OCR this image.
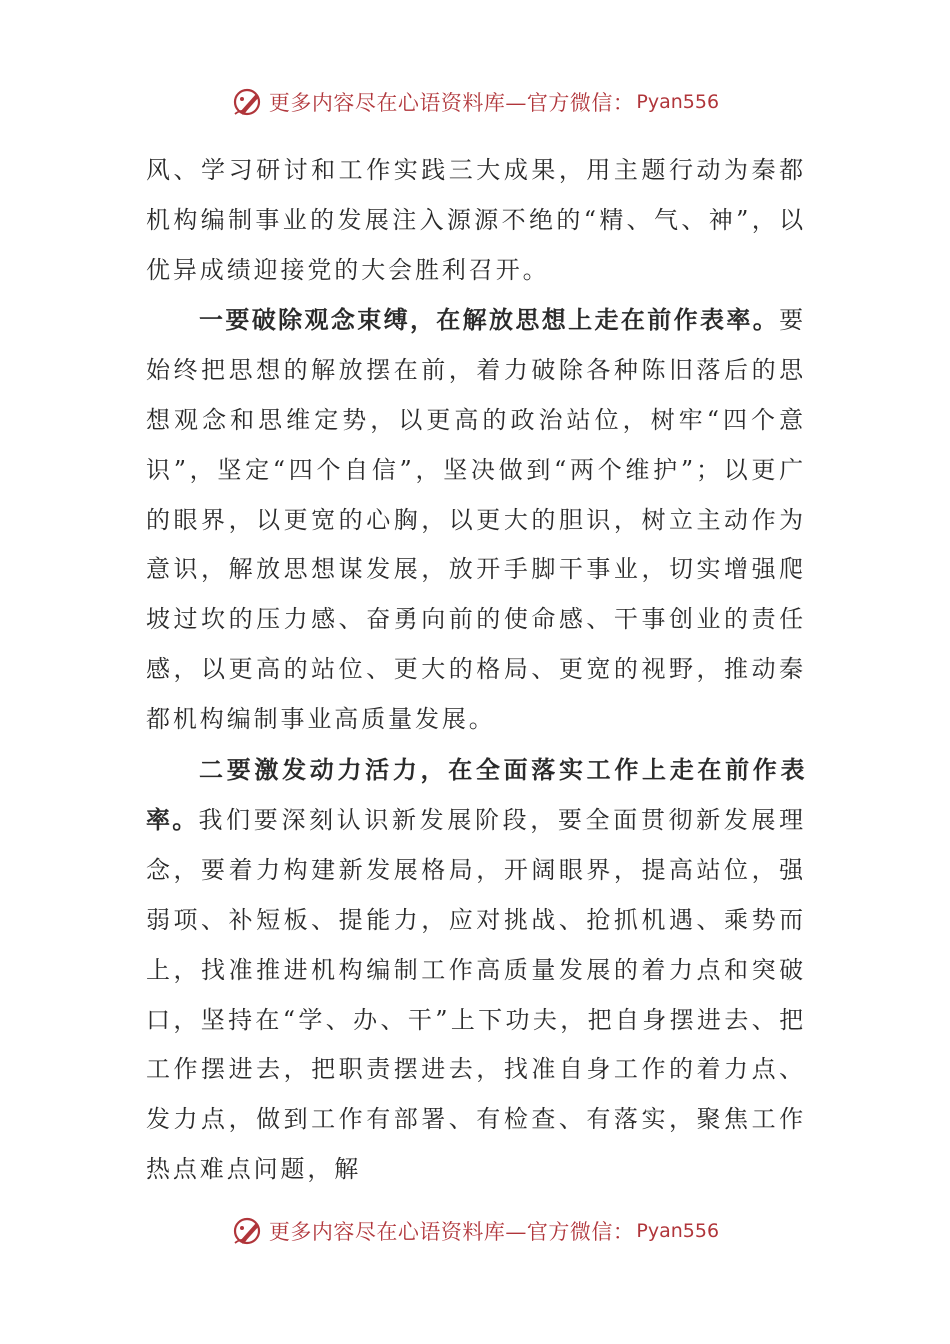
更多内容尽在心语资料库—官方微信： Pyan556

风、学习研讨和工作实践三大成果，用主题行动为秦都机构编制事业的发展注入源源不绝的“精、气、神”，以优异成绩迎接党的大会胜利召开。

一要破除观念束缚，在解放思想上走在前作表率。要始终把思想的解放摆在前，着力破除各种陈旧落后的思想观念和思维定势，以更高的政治站位，树牢“四个意识”，坚定“四个自信”，坚决做到“两个维护”；以更广的眼界，以更宽的心胸，以更大的胆识，树立主动作为意识，解放思想谋发展，放开手脚干事业，切实增强爬坡过坎的压力感、奋勇向前的使命感、干事创业的责任感，以更高的站位、更大的格局、更宽的视野，推动秦都机构编制事业高质量发展。

二要激发动力活力，在全面落实工作上走在前作表率。我们要深刻认识新发展阶段，要全面贯彻新发展理念，要着力构建新发展格局，开阔眼界，提高站位，强弱项、补短板、提能力，应对挑战、抢抓机遇、乘势而上，找准推进机构编制工作高质量发展的着力点和突破口，坚持在“学、办、干”上下功夫，把自身摆进去、把工作摆进去，把职责摆进去，找准自身工作的着力点、发力点，做到工作有部署、有检查、有落实，聚焦工作热点难点问题，解

更多内容尽在心语资料库—官方微信： Pyan556
